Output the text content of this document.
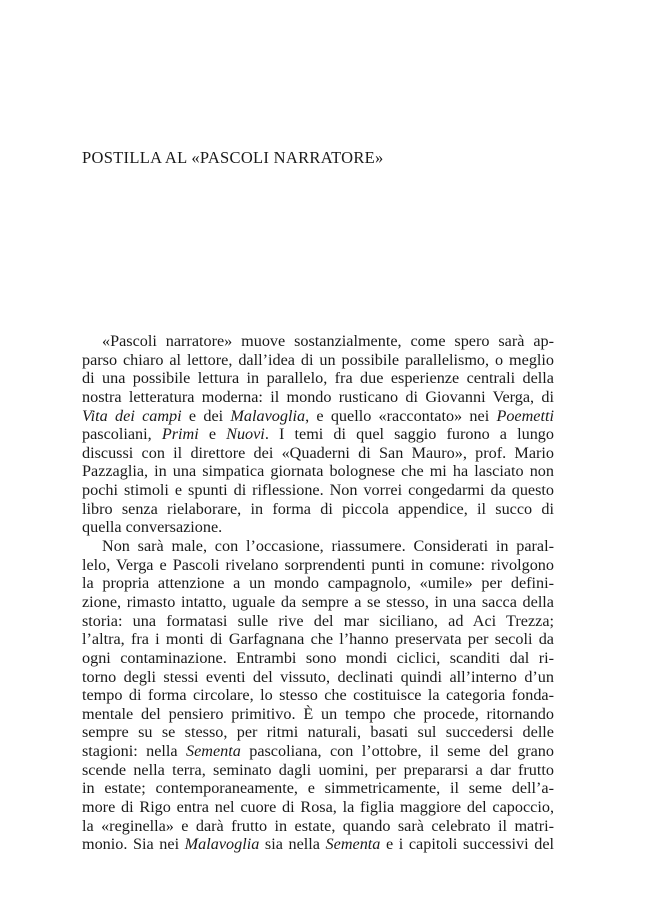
POSTILLA AL «PASCOLI NARRATORE»
«Pascoli narratore» muove sostanzialmente, come spero sarà ap-
parso chiaro al lettore, dall’idea di un possibile parallelismo, o meglio
di una possibile lettura in parallelo, fra due esperienze centrali della
nostra letteratura moderna: il mondo rusticano di Giovanni Verga, di
Vita dei campi e dei Malavoglia, e quello «raccontato» nei Poemetti
pascoliani, Primi e Nuovi. I temi di quel saggio furono a lungo
discussi con il direttore dei «Quaderni di San Mauro», prof. Mario
Pazzaglia, in una simpatica giornata bolognese che mi ha lasciato non
pochi stimoli e spunti di riflessione. Non vorrei congedarmi da questo
libro senza rielaborare, in forma di piccola appendice, il succo di
quella conversazione.
Non sarà male, con l’occasione, riassumere. Considerati in paral-
lelo, Verga e Pascoli rivelano sorprendenti punti in comune: rivolgono
la propria attenzione a un mondo campagnolo, «umile» per defini-
zione, rimasto intatto, uguale da sempre a se stesso, in una sacca della
storia: una formatasi sulle rive del mar siciliano, ad Aci Trezza;
l’altra, fra i monti di Garfagnana che l’hanno preservata per secoli da
ogni contaminazione. Entrambi sono mondi ciclici, scanditi dal ri-
torno degli stessi eventi del vissuto, declinati quindi all’interno d’un
tempo di forma circolare, lo stesso che costituisce la categoria fonda-
mentale del pensiero primitivo. È un tempo che procede, ritornando
sempre su se stesso, per ritmi naturali, basati sul succedersi delle
stagioni: nella Sementa pascoliana, con l’ottobre, il seme del grano
scende nella terra, seminato dagli uomini, per prepararsi a dar frutto
in estate; contemporaneamente, e simmetricamente, il seme dell’a-
more di Rigo entra nel cuore di Rosa, la figlia maggiore del capoccio,
la «reginella» e darà frutto in estate, quando sarà celebrato il matri-
monio. Sia nei Malavoglia sia nella Sementa e i capitoli successivi del
